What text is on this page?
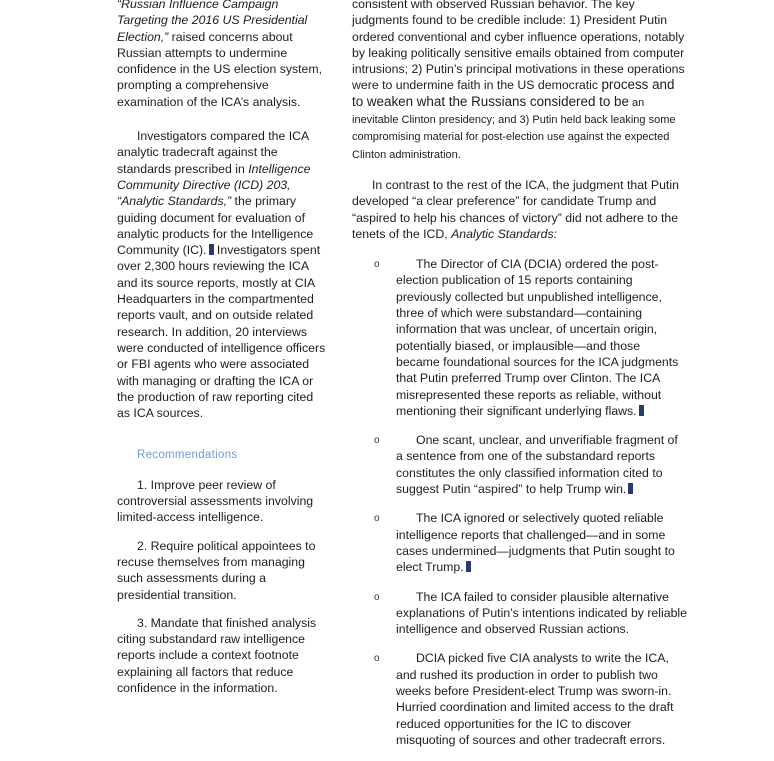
“Russian Influence Campaign Targeting the 2016 US Presidential Election,” raised concerns about Russian attempts to undermine confidence in the US election system, prompting a comprehensive examination of the ICA’s analysis.

Investigators compared the ICA analytic tradecraft against the standards prescribed in Intelligence Community Directive (ICD) 203, “Analytic Standards,” the primary guiding document for evaluation of analytic products for the Intelligence Community (IC). Investigators spent over 2,300 hours reviewing the ICA and its source reports, mostly at CIA Headquarters in the compartmented reports vault, and on outside related research. In addition, 20 interviews were conducted of intelligence officers or FBI agents who were associated with managing or drafting the ICA or the production of raw reporting cited as ICA sources.

Recommendations

1. Improve peer review of controversial assessments involving limited-access intelligence.

2. Require political appointees to recuse themselves from managing such assessments during a presidential transition.

3. Mandate that finished analysis citing substandard raw intelligence reports include a context footnote explaining all factors that reduce confidence in the information.

consistent with observed Russian behavior. The key judgments found to be credible include: 1) President Putin ordered conventional and cyber influence operations, notably by leaking politically sensitive emails obtained from computer intrusions; 2) Putin’s principal motivations in these operations were to undermine faith in the US democratic process and to weaken what the Russians considered to be an inevitable Clinton presidency; and 3) Putin held back leaking some compromising material for post-election use against the expected Clinton administration.

In contrast to the rest of the ICA, the judgment that Putin developed “a clear preference” for candidate Trump and “aspired to help his chances of victory” did not adhere to the tenets of the ICD, Analytic Standards:

o	The Director of CIA (DCIA) ordered the post-election publication of 15 reports containing previously collected but unpublished intelligence, three of which were substandard—containing information that was unclear, of uncertain origin, potentially biased, or implausible—and those became foundational sources for the ICA judgments that Putin preferred Trump over Clinton. The ICA misrepresented these reports as reliable, without mentioning their significant underlying flaws.
o	One scant, unclear, and unverifiable fragment of a sentence from one of the substandard reports constitutes the only classified information cited to suggest Putin “aspired” to help Trump win.
o	The ICA ignored or selectively quoted reliable intelligence reports that challenged—and in some cases undermined—judgments that Putin sought to elect Trump.
o	The ICA failed to consider plausible alternative explanations of Putin’s intentions indicated by reliable intelligence and observed Russian actions.
o	DCIA picked five CIA analysts to write the ICA, and rushed its production in order to publish two weeks before President-elect Trump was sworn-in. Hurried coordination and limited access to the draft reduced opportunities for the IC to discover misquoting of sources and other tradecraft errors.
